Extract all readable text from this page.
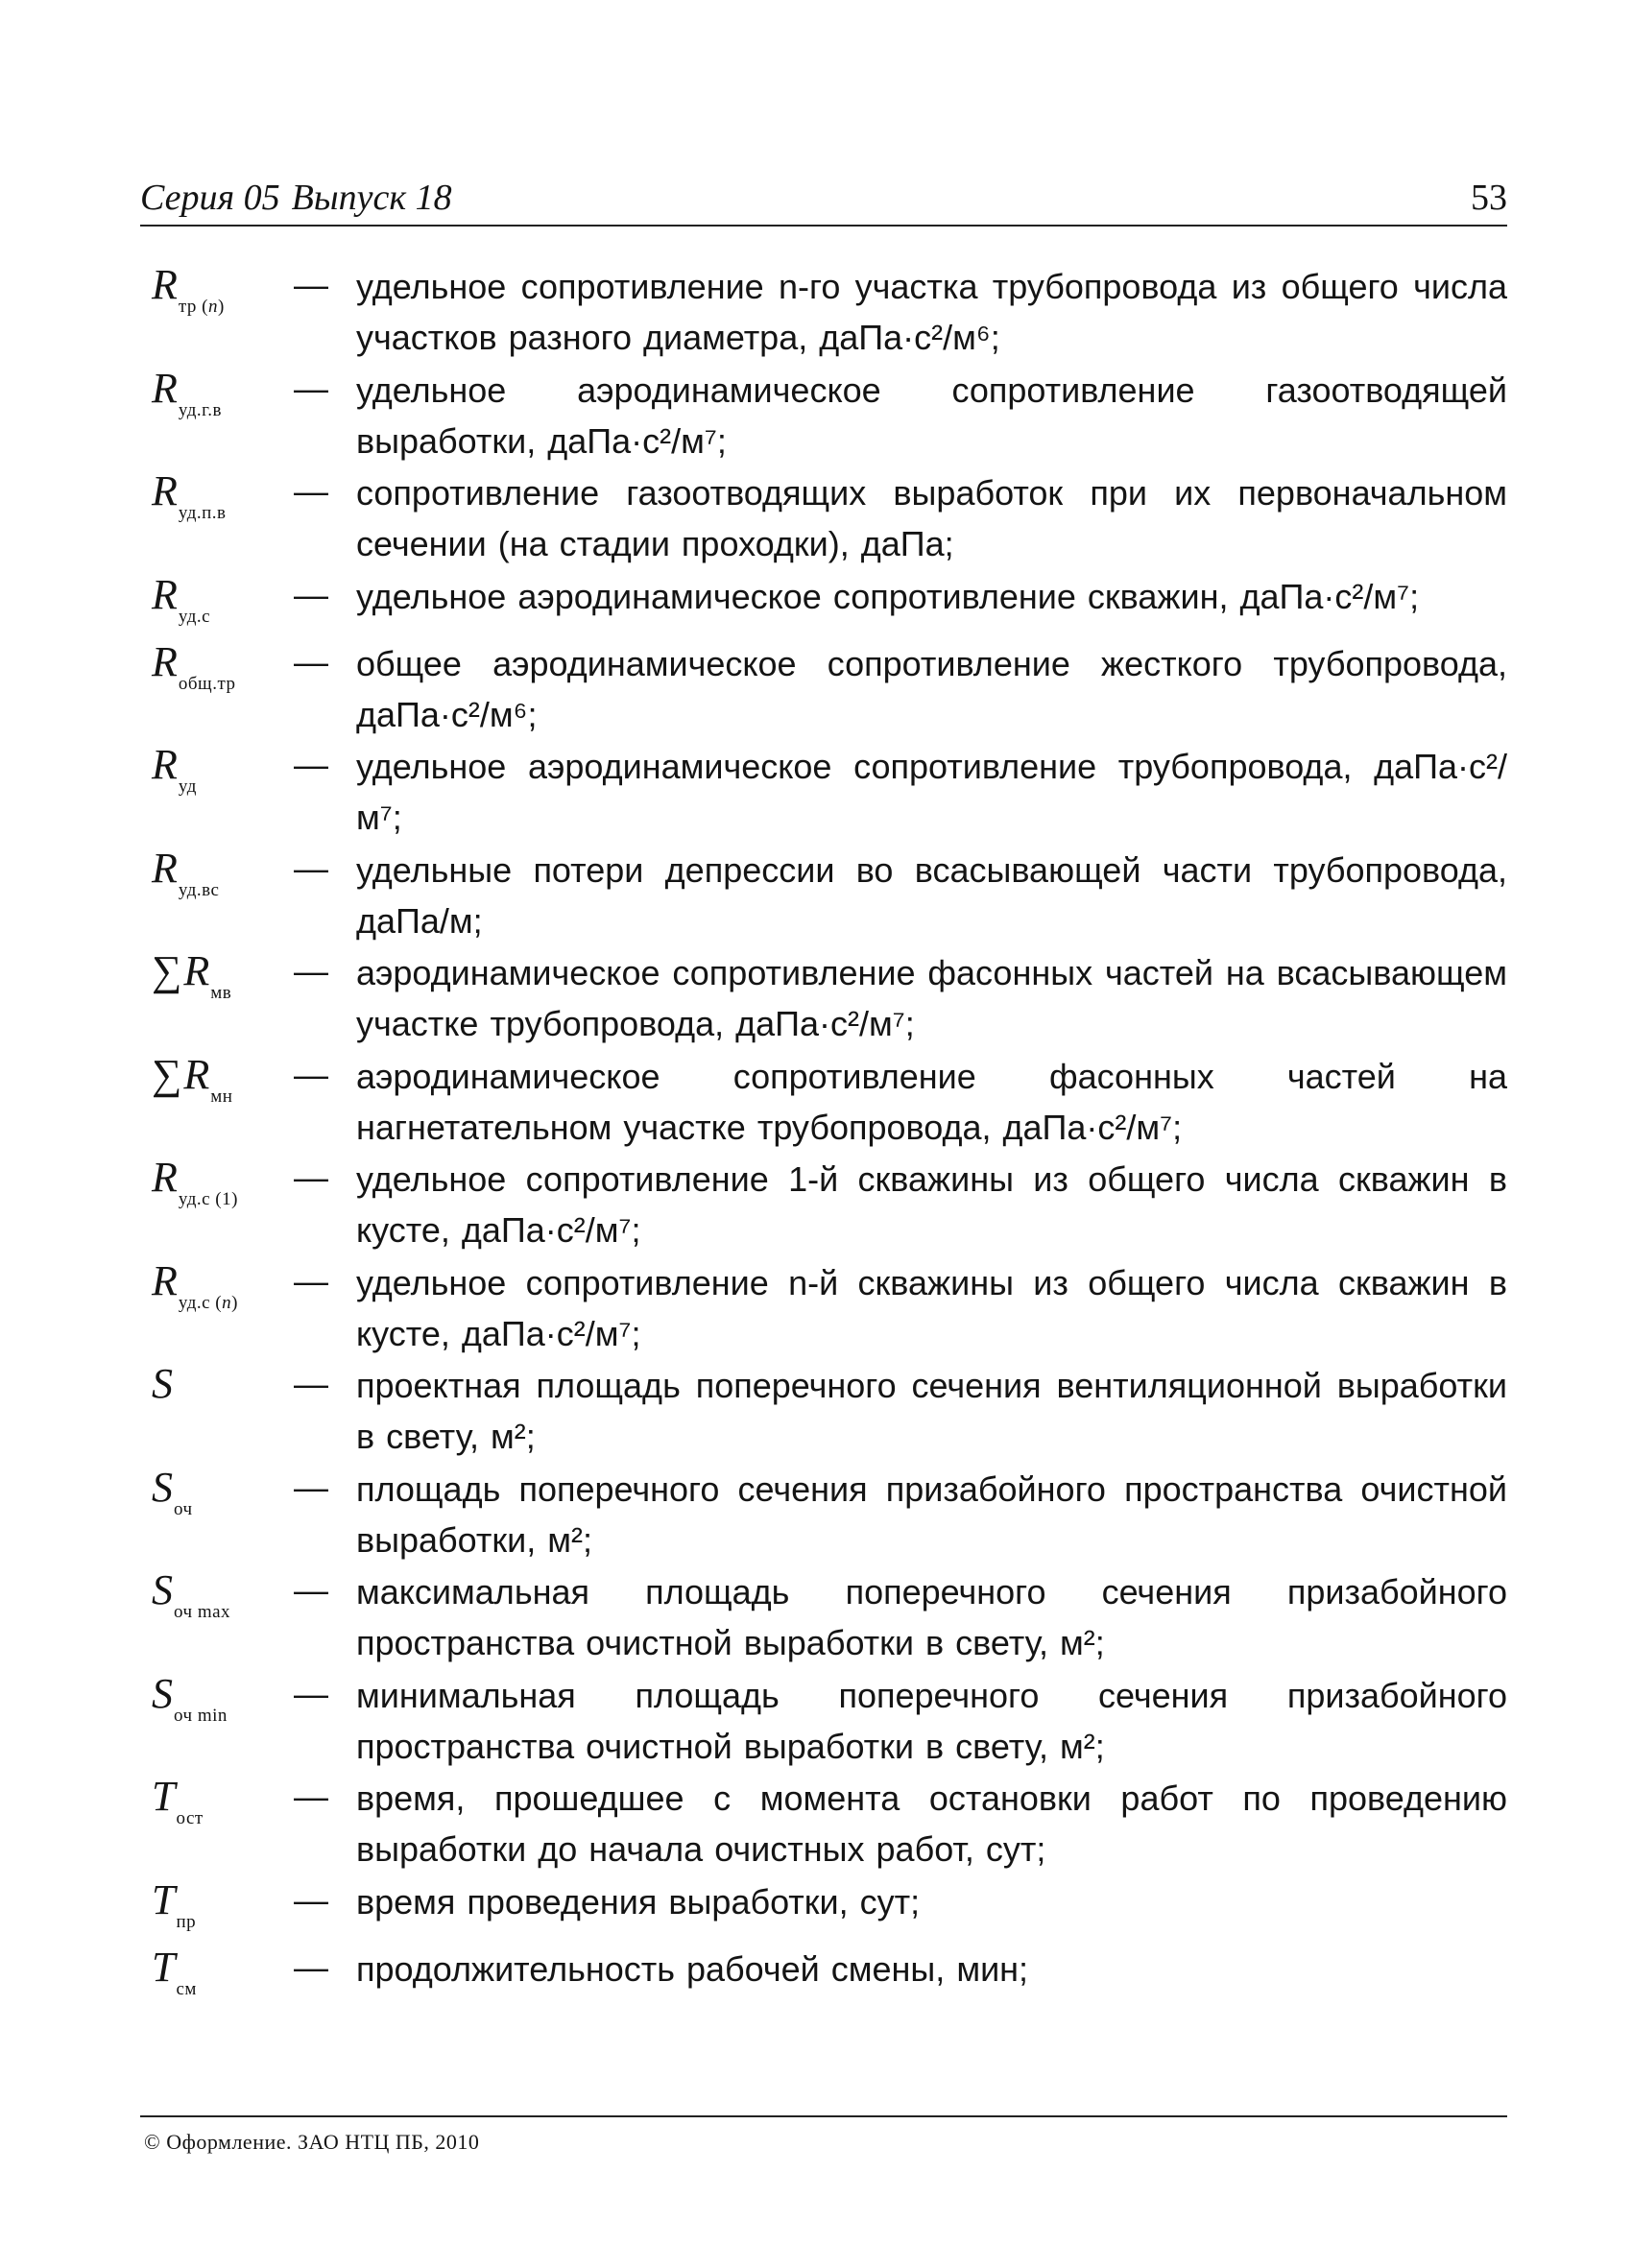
Серия 05 Выпуск 18	53
$R_{тр (n)}$
— удельное сопротивление n-го участка трубопровода из общего числа участков разного диаметра, даПа·с²/м⁶;
$R_{уд.г.в}$
— удельное аэродинамическое сопротивление газоотводящей выработки, даПа·с²/м⁷;
$R_{уд.п.в}$
— сопротивление газоотводящих выработок при их первоначальном сечении (на стадии проходки), даПа;
$R_{уд.с}$
— удельное аэродинамическое сопротивление скважин, даПа·с²/м⁷;
$R_{общ.тр}$
— общее аэродинамическое сопротивление жесткого трубопровода, даПа·с²/м⁶;
$R_{уд}$
— удельное аэродинамическое сопротивление трубопровода, даПа·с²/м⁷;
$R_{уд.вс}$
— удельные потери депрессии во всасывающей части трубопровода, даПа/м;
$\sum R_{мв}$
— аэродинамическое сопротивление фасонных частей на всасывающем участке трубопровода, даПа·с²/м⁷;
$\sum R_{мн}$
— аэродинамическое сопротивление фасонных частей на нагнетательном участке трубопровода, даПа·с²/м⁷;
$R_{уд.с (1)}$
— удельное сопротивление 1-й скважины из общего числа скважин в кусте, даПа·с²/м⁷;
$R_{уд.с (n)}$
— удельное сопротивление n-й скважины из общего числа скважин в кусте, даПа·с²/м⁷;
S	— проектная площадь поперечного сечения вентиляционной выработки в свету, м²;
$S_{оч}$
— площадь поперечного сечения призабойного пространства очистной выработки, м²;
$S_{оч max}$
— максимальная площадь поперечного сечения призабойного пространства очистной выработки в свету, м²;
$S_{оч min}$
— минимальная площадь поперечного сечения призабойного пространства очистной выработки в свету, м²;
$T_{ост}$
— время, прошедшее с момента остановки работ по проведению выработки до начала очистных работ, сут;
$T_{пр}$
— время проведения выработки, сут;
$T_{см}$
— продолжительность рабочей смены, мин;
© Оформление. ЗАО НТЦ ПБ, 2010
